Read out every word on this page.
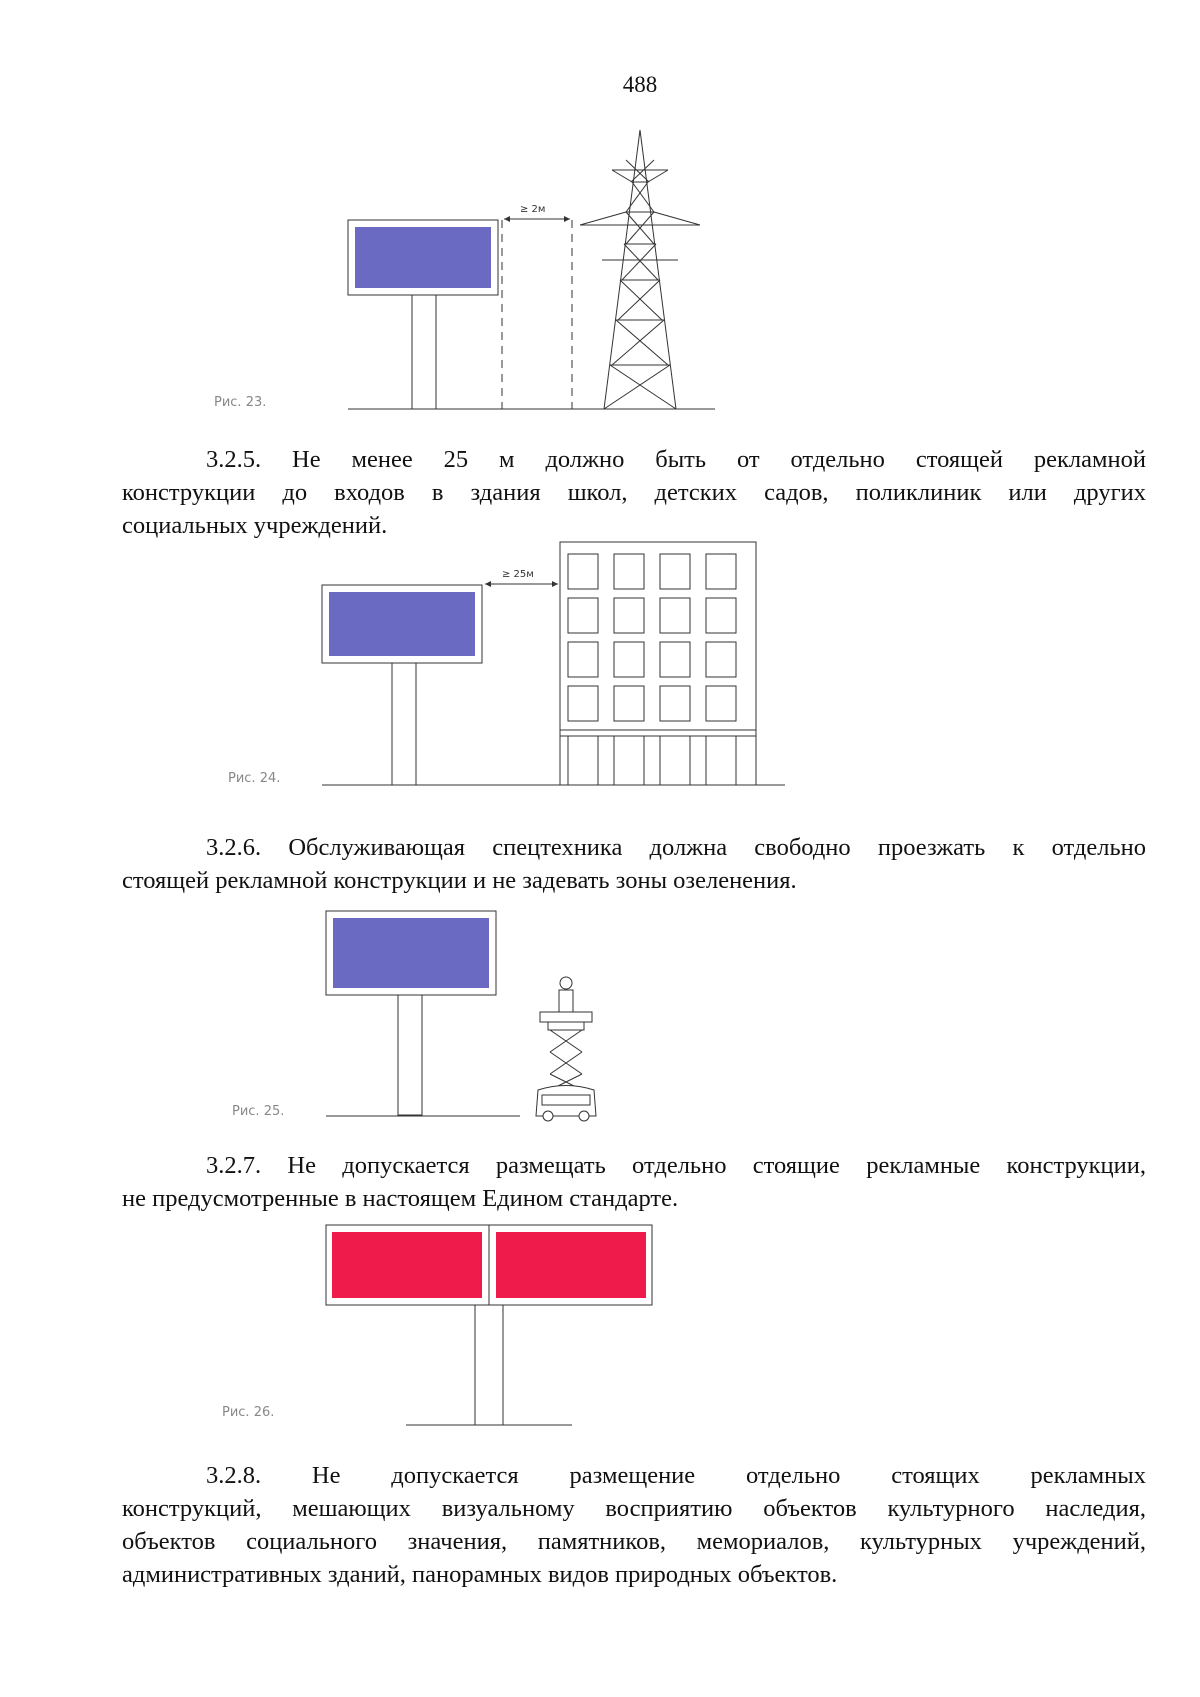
488
Рис. 23.
≥ 2м

3.2.5. Не менее 25 м должно быть от отдельно стоящей рекламной

конструкции до входов в здания школ, детских садов, поликлиник или других

социальных учреждений.

Рис. 24.
≥ 25м

3.2.6. Обслуживающая спецтехника должна свободно проезжать к отдельно

стоящей рекламной конструкции и не задевать зоны озеленения.

Рис. 25.

3.2.7. Не допускается размещать отдельно стоящие рекламные конструкции,

не предусмотренные в настоящем Едином стандарте.

Рис. 26.

3.2.8. Не допускается размещение отдельно стоящих рекламных

конструкций, мешающих визуальному восприятию объектов культурного наследия,

объектов социального значения, памятников, мемориалов, культурных учреждений,

административных зданий, панорамных видов природных объектов.
